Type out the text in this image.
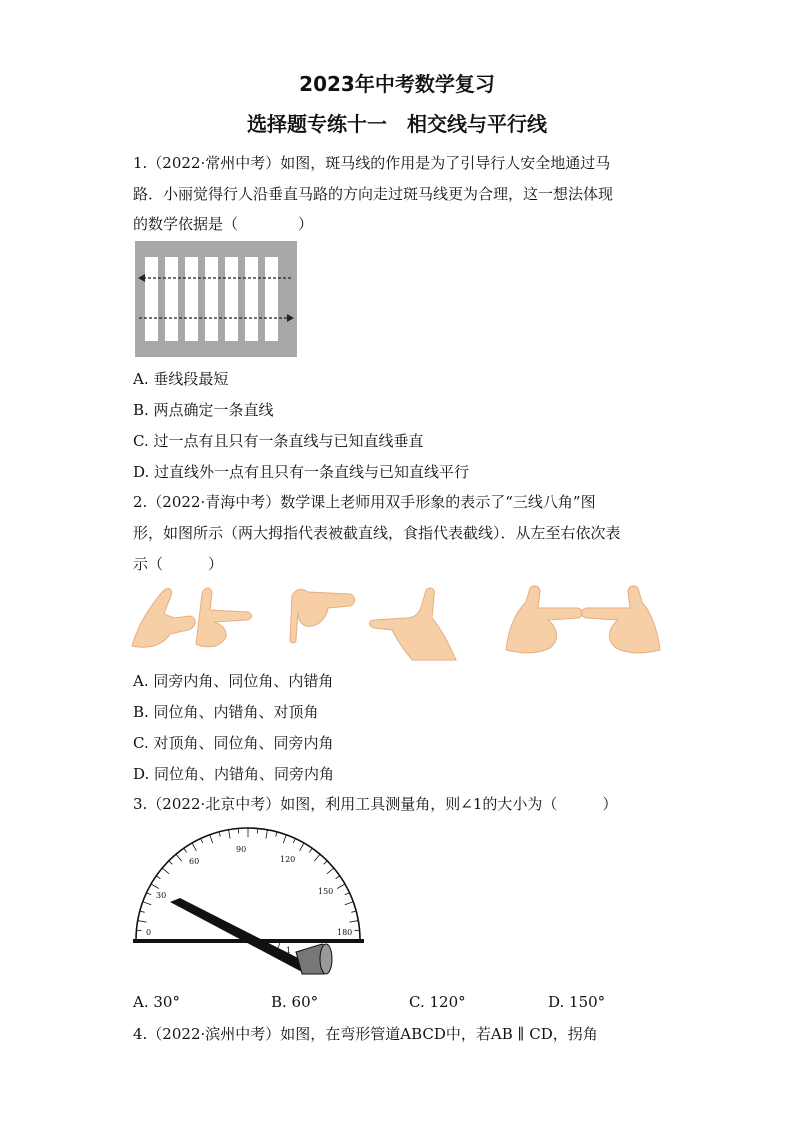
2023年中考数学复习
选择题专练十一　相交线与平行线
1.（2022·常州中考）如图，斑马线的作用是为了引导行人安全地通过马
路．小丽觉得行人沿垂直马路的方向走过斑马线更为合理，这一想法体现
的数学依据是（　　　　）
A. 垂线段最短
B. 两点确定一条直线
C. 过一点有且只有一条直线与已知直线垂直
D. 过直线外一点有且只有一条直线与已知直线平行
2.（2022·青海中考）数学课上老师用双手形象的表示了“三线八角”图
形，如图所示（两大拇指代表被截直线，食指代表截线）．从左至右依次表
示（　　　）
A. 同旁内角、同位角、内错角
B. 同位角、内错角、对顶角
C. 对顶角、同位角、同旁内角
D. 同位角、内错角、同旁内角
3.（2022·北京中考）如图，利用工具测量角，则∠1的大小为（　　　）
0
30
60
90
120
150
180
1
A. 30°	B. 60°	C. 120°	D. 150°
4.（2022·滨州中考）如图，在弯形管道ABCD中，若AB ∥ CD，拐角
